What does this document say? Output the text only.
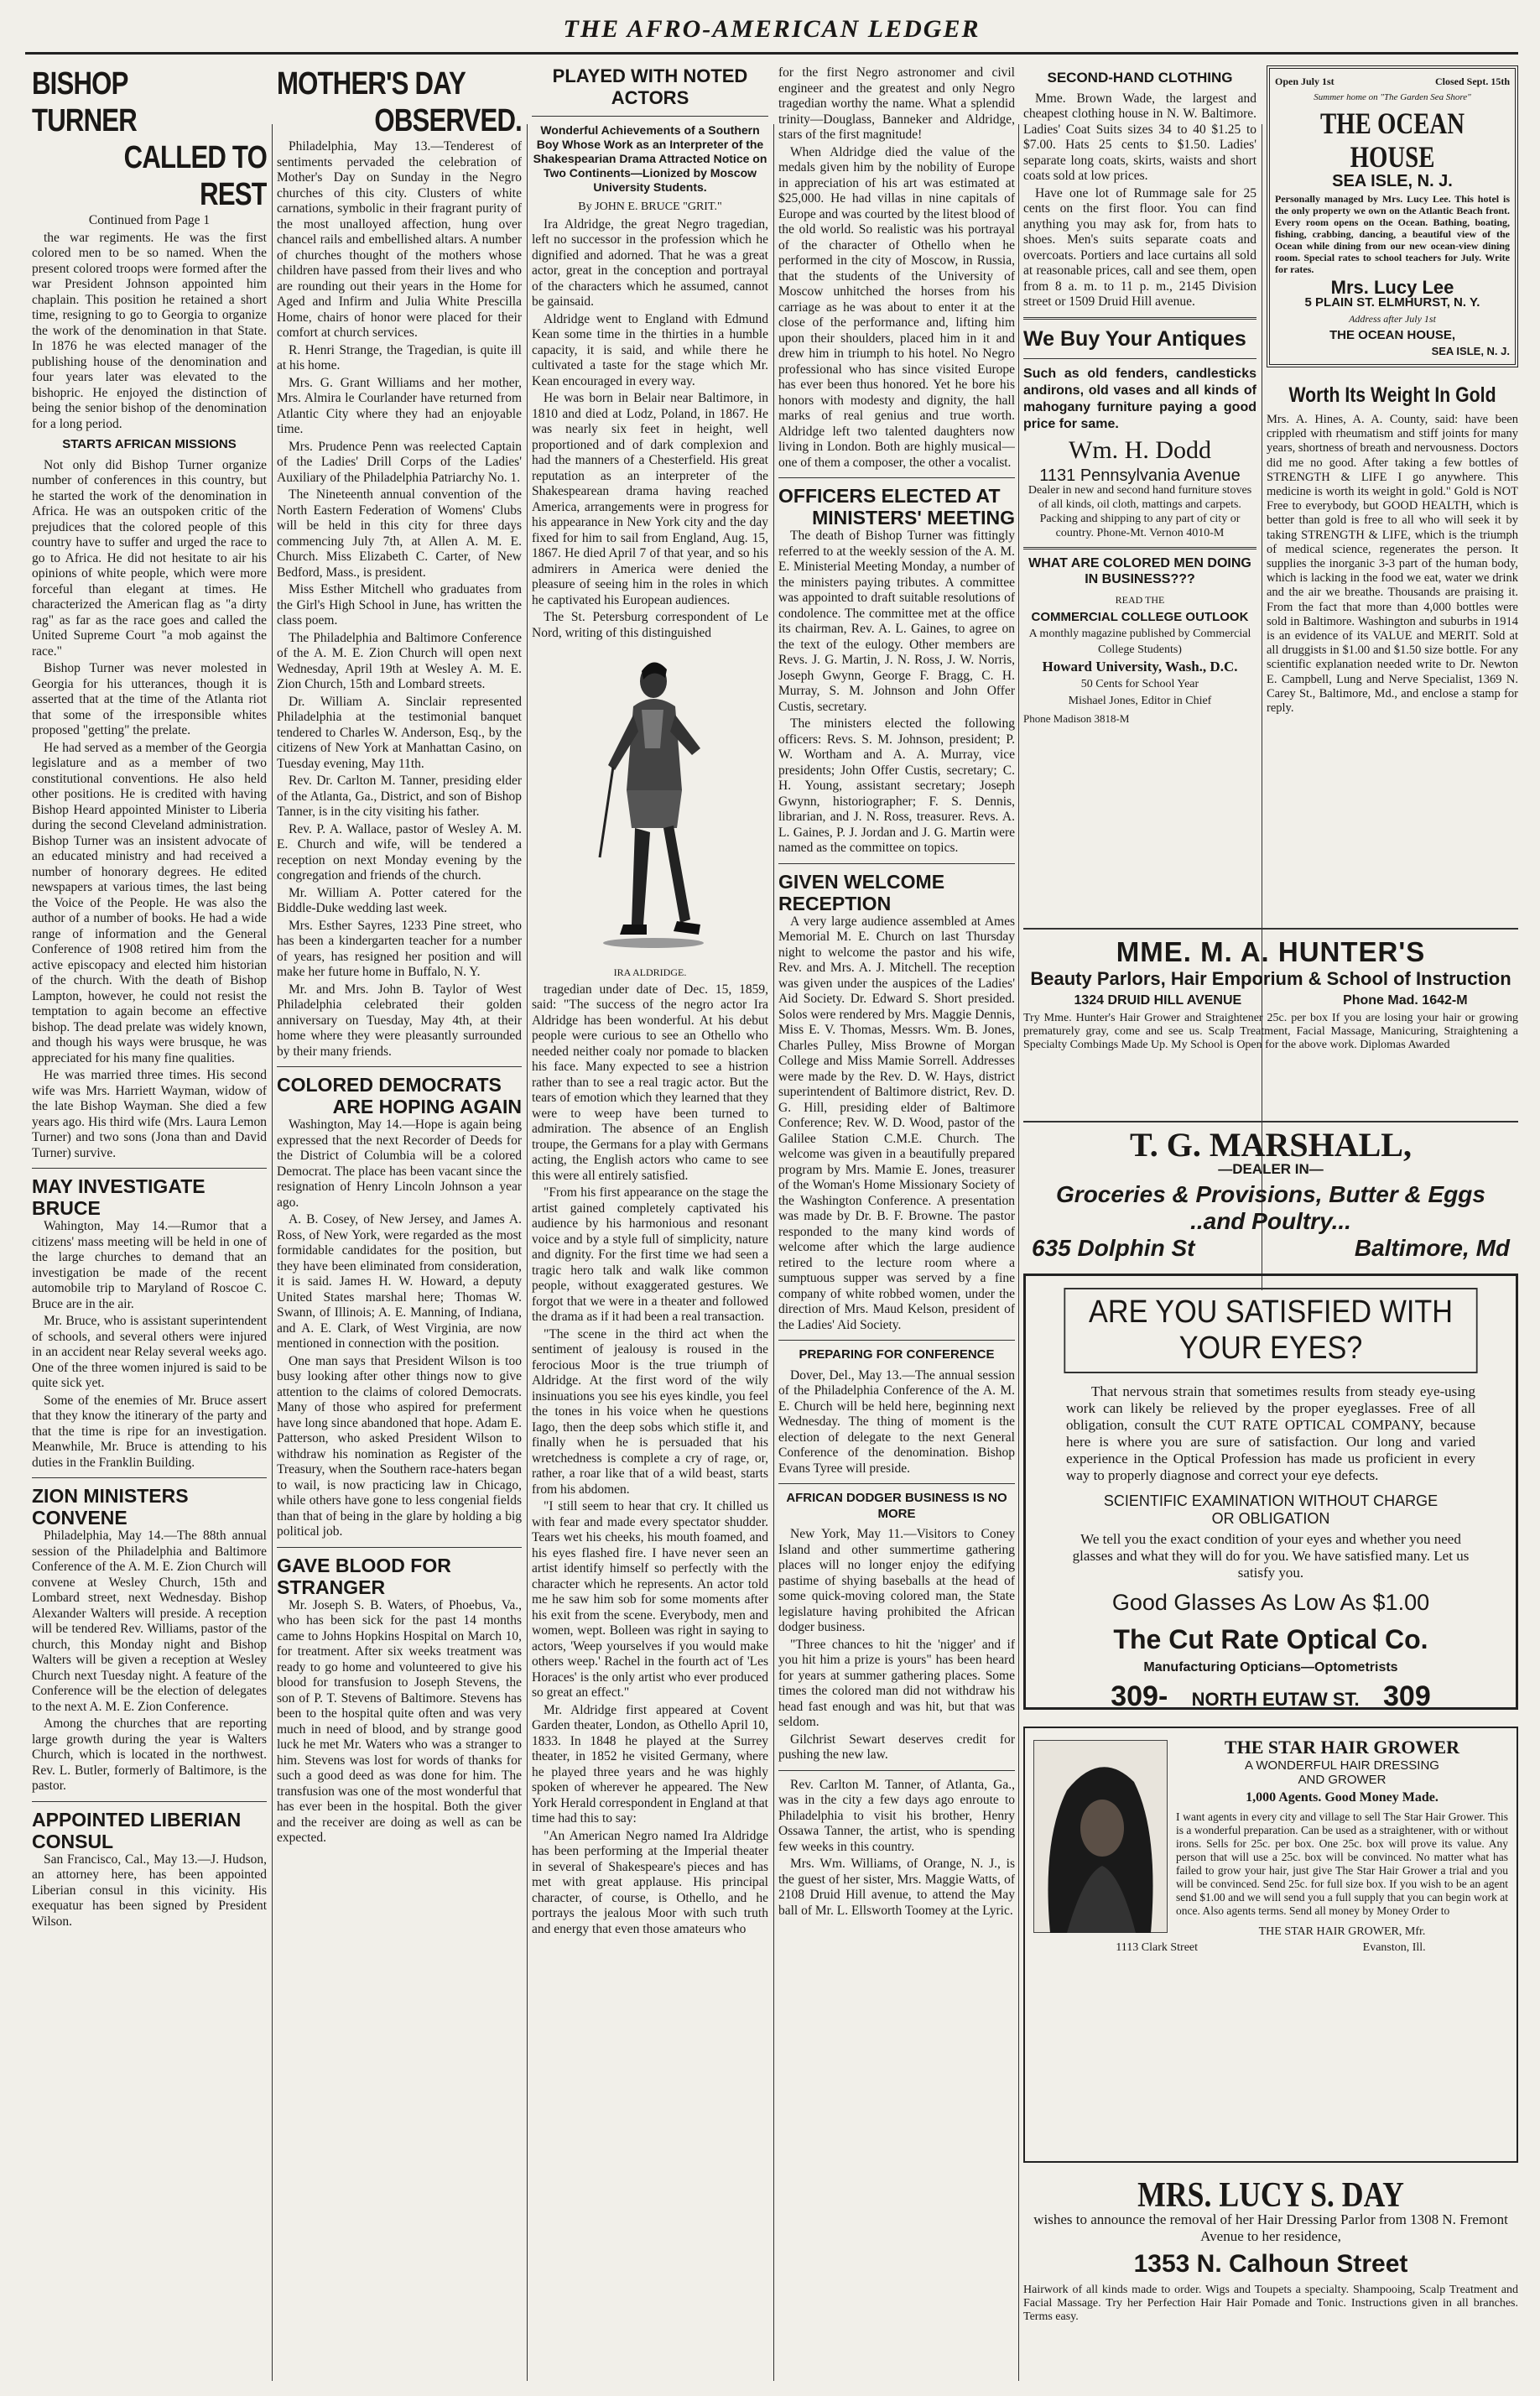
THE AFRO-AMERICAN LEDGER
BISHOP TURNER
CALLED TO REST

Continued from Page 1

the war regiments. He was the first colored men to be so named. When the present colored troops were formed after the war President Johnson appointed him chaplain. This position he retained a short time, resigning to go to Georgia to organize the work of the denomination in that State. In 1876 he was elected manager of the publishing house of the denomination and four years later was elevated to the bishopric. He enjoyed the distinction of being the senior bishop of the denomination for a long period.

STARTS AFRICAN MISSIONS

Not only did Bishop Turner organize number of conferences in this country, but he started the work of the denomination in Africa. He was an outspoken critic of the prejudices that the colored people of this country have to suffer and urged the race to go to Africa. He did not hesitate to air his opinions of white people, which were more forceful than elegant at times. He characterized the American flag as "a dirty rag" as far as the race goes and called the United Supreme Court "a mob against the race."

Bishop Turner was never molested in Georgia for his utterances, though it is asserted that at the time of the Atlanta riot that some of the irresponsible whites proposed "getting" the prelate.

He had served as a member of the Georgia legislature and as a member of two constitutional conventions. He also held other positions. He is credited with having Bishop Heard appointed Minister to Liberia during the second Cleveland administration. Bishop Turner was an insistent advocate of an educated ministry and had received a number of honorary degrees. He edited newspapers at various times, the last being the Voice of the People. He was also the author of a number of books. He had a wide range of information and the General Conference of 1908 retired him from the active episcopacy and elected him historian of the church. With the death of Bishop Lampton, however, he could not resist the temptation to again become an effective bishop. The dead prelate was widely known, and though his ways were brusque, he was appreciated for his many fine qualities.

He was married three times. His second wife was Mrs. Harriett Wayman, widow of the late Bishop Wayman. She died a few years ago. His third wife (Mrs. Laura Lemon Turner) and two sons (Jona than and David Turner) survive.

MAY INVESTIGATE BRUCE

Wahington, May 14.—Rumor that a citizens' mass meeting will be held in one of the large churches to demand that an investigation be made of the recent automobile trip to Maryland of Roscoe C. Bruce are in the air.

Mr. Bruce, who is assistant superintendent of schools, and several others were injured in an accident near Relay several weeks ago. One of the three women injured is said to be quite sick yet.

Some of the enemies of Mr. Bruce assert that they know the itinerary of the party and that the time is ripe for an investigation. Meanwhile, Mr. Bruce is attending to his duties in the Franklin Building.

ZION MINISTERS CONVENE

Philadelphia, May 14.—The 88th annual session of the Philadelphia and Baltimore Conference of the A. M. E. Zion Church will convene at Wesley Church, 15th and Lombard street, next Wednesday. Bishop Alexander Walters will preside. A reception will be tendered Rev. Williams, pastor of the church, this Monday night and Bishop Walters will be given a reception at Wesley Church next Tuesday night. A feature of the Conference will be the election of delegates to the next A. M. E. Zion Conference.

Among the churches that are reporting large growth during the year is Walters Church, which is located in the northwest. Rev. L. Butler, formerly of Baltimore, is the pastor.

APPOINTED LIBERIAN CONSUL

San Francisco, Cal., May 13.—J. Hudson, an attorney here, has been appointed Liberian consul in this vicinity. His exequatur has been signed by President Wilson.

MOTHER'S DAY
OBSERVED.

Philadelphia, May 13.—Tenderest of sentiments pervaded the celebration of Mother's Day on Sunday in the Negro churches of this city. Clusters of white carnations, symbolic in their fragrant purity of the most unalloyed affection, hung over chancel rails and embellished altars. A number of churches thought of the mothers whose children have passed from their lives and who are rounding out their years in the Home for Aged and Infirm and Julia White Prescilla Home, chairs of honor were placed for their comfort at church services.

R. Henri Strange, the Tragedian, is quite ill at his home.

Mrs. G. Grant Williams and her mother, Mrs. Almira le Courlander have returned from Atlantic City where they had an enjoyable time.

Mrs. Prudence Penn was reelected Captain of the Ladies' Drill Corps of the Ladies' Auxiliary of the Philadelphia Patriarchy No. 1.

The Nineteenth annual convention of the North Eastern Federation of Womens' Clubs will be held in this city for three days commencing July 7th, at Allen A. M. E. Church. Miss Elizabeth C. Carter, of New Bedford, Mass., is president.

Miss Esther Mitchell who graduates from the Girl's High School in June, has written the class poem.

The Philadelphia and Baltimore Conference of the A. M. E. Zion Church will open next Wednesday, April 19th at Wesley A. M. E. Zion Church, 15th and Lombard streets.

Dr. William A. Sinclair represented Philadelphia at the testimonial banquet tendered to Charles W. Anderson, Esq., by the citizens of New York at Manhattan Casino, on Tuesday evening, May 11th.

Rev. Dr. Carlton M. Tanner, presiding elder of the Atlanta, Ga., District, and son of Bishop Tanner, is in the city visiting his father.

Rev. P. A. Wallace, pastor of Wesley A. M. E. Church and wife, will be tendered a reception on next Monday evening by the congregation and friends of the church.

Mr. William A. Potter catered for the Biddle-Duke wedding last week.

Mrs. Esther Sayres, 1233 Pine street, who has been a kindergarten teacher for a number of years, has resigned her position and will make her future home in Buffalo, N. Y.

Mr. and Mrs. John B. Taylor of West Philadelphia celebrated their golden anniversary on Tuesday, May 4th, at their home where they were pleasantly surrounded by their many friends.

COLORED DEMOCRATS
ARE HOPING AGAIN

Washington, May 14.—Hope is again being expressed that the next Recorder of Deeds for the District of Columbia will be a colored Democrat. The place has been vacant since the resignation of Henry Lincoln Johnson a year ago.

A. B. Cosey, of New Jersey, and James A. Ross, of New York, were regarded as the most formidable candidates for the position, but they have been eliminated from consideration, it is said. James H. W. Howard, a deputy United States marshal here; Thomas W. Swann, of Illinois; A. E. Manning, of Indiana, and A. E. Clark, of West Virginia, are now mentioned in connection with the position.

One man says that President Wilson is too busy looking after other things now to give attention to the claims of colored Democrats. Many of those who aspired for preferment have long since abandoned that hope. Adam E. Patterson, who asked President Wilson to withdraw his nomination as Register of the Treasury, when the Southern race-haters began to wail, is now practicing law in Chicago, while others have gone to less congenial fields than that of being in the glare by holding a big political job.

GAVE BLOOD FOR STRANGER

Mr. Joseph S. B. Waters, of Phoebus, Va., who has been sick for the past 14 months came to Johns Hopkins Hospital on March 10, for treatment. After six weeks treatment was ready to go home and volunteered to give his blood for transfusion to Joseph Stevens, the son of P. T. Stevens of Baltimore. Stevens has been to the hospital quite often and was very much in need of blood, and by strange good luck he met Mr. Waters who was a stranger to him. Stevens was lost for words of thanks for such a good deed as was done for him. The transfusion was one of the most wonderful that has ever been in the hospital. Both the giver and the receiver are doing as well as can be expected.

PLAYED WITH NOTED ACTORS

Wonderful Achievements of a Southern Boy Whose Work as an Interpreter of the Shakespearian Drama Attracted Notice on Two Continents—Lionized by Moscow University Students.

By JOHN E. BRUCE "GRIT."

Ira Aldridge, the great Negro tragedian, left no successor in the profession which he dignified and adorned. That he was a great actor, great in the conception and portrayal of the characters which he assumed, cannot be gainsaid.

Aldridge went to England with Edmund Kean some time in the thirties in a humble capacity, it is said, and while there he cultivated a taste for the stage which Mr. Kean encouraged in every way.

He was born in Belair near Baltimore, in 1810 and died at Lodz, Poland, in 1867. He was nearly six feet in height, well proportioned and of dark complexion and had the manners of a Chesterfield. His great reputation as an interpreter of the Shakespearean drama having reached America, arrangements were in progress for his appearance in New York city and the day fixed for him to sail from England, Aug. 15, 1867. He died April 7 of that year, and so his admirers in America were denied the pleasure of seeing him in the roles in which he captivated his European audiences.

The St. Petersburg correspondent of Le Nord, writing of this distinguished

IRA ALDRIDGE.

tragedian under date of Dec. 15, 1859, said: "The success of the negro actor Ira Aldridge has been wonderful. At his debut people were curious to see an Othello who needed neither coaly nor pomade to blacken his face. Many expected to see a histrion rather than to see a real tragic actor. But the tears of emotion which they learned that they were to weep have been turned to admiration. The absence of an English troupe, the Germans for a play with Germans acting, the English actors who came to see this were all entirely satisfied.

"From his first appearance on the stage the artist gained completely captivated his audience by his harmonious and resonant voice and by a style full of simplicity, nature and dignity. For the first time we had seen a tragic hero talk and walk like common people, without exaggerated gestures. We forgot that we were in a theater and followed the drama as if it had been a real transaction.

"The scene in the third act when the sentiment of jealousy is roused in the ferocious Moor is the true triumph of Aldridge. At the first word of the wily insinuations you see his eyes kindle, you feel the tones in his voice when he questions Iago, then the deep sobs which stifle it, and finally when he is persuaded that his wretchedness is complete a cry of rage, or, rather, a roar like that of a wild beast, starts from his abdomen.

"I still seem to hear that cry. It chilled us with fear and made every spectator shudder. Tears wet his cheeks, his mouth foamed, and his eyes flashed fire. I have never seen an artist identify himself so perfectly with the character which he represents. An actor told me he saw him sob for some moments after his exit from the scene. Everybody, men and women, wept. Bolleen was right in saying to actors, 'Weep yourselves if you would make others weep.' Rachel in the fourth act of 'Les Horaces' is the only artist who ever produced so great an effect."

Mr. Aldridge first appeared at Covent Garden theater, London, as Othello April 10, 1833. In 1848 he played at the Surrey theater, in 1852 he visited Germany, where he played three years and he was highly spoken of wherever he appeared. The New York Herald correspondent in England at that time had this to say:

"An American Negro named Ira Aldridge has been performing at the Imperial theater in several of Shakespeare's pieces and has met with great applause. His principal character, of course, is Othello, and he portrays the jealous Moor with such truth and energy that even those amateurs who

for the first Negro astronomer and civil engineer and the greatest and only Negro tragedian worthy the name. What a splendid trinity—Douglass, Banneker and Aldridge, stars of the first magnitude!

When Aldridge died the value of the medals given him by the nobility of Europe in appreciation of his art was estimated at $25,000. He had villas in nine capitals of Europe and was courted by the litest blood of the old world. So realistic was his portrayal of the character of Othello when he performed in the city of Moscow, in Russia, that the students of the University of Moscow unhitched the horses from his carriage as he was about to enter it at the close of the performance and, lifting him upon their shoulders, placed him in it and drew him in triumph to his hotel. No Negro professional who has since visited Europe has ever been thus honored. Yet he bore his honors with modesty and dignity, the hall marks of real genius and true worth. Aldridge left two talented daughters now living in London. Both are highly musical—one of them a composer, the other a vocalist.

OFFICERS ELECTED AT
MINISTERS' MEETING

The death of Bishop Turner was fittingly referred to at the weekly session of the A. M. E. Ministerial Meeting Monday, a number of the ministers paying tributes. A committee was appointed to draft suitable resolutions of condolence. The committee met at the office its chairman, Rev. A. L. Gaines, to agree on the text of the eulogy. Other members are Revs. J. G. Martin, J. N. Ross, J. W. Norris, Joseph Gwynn, George F. Bragg, C. H. Murray, S. M. Johnson and John Offer Custis, secretary.

The ministers elected the following officers: Revs. S. M. Johnson, president; P. W. Wortham and A. A. Murray, vice presidents; John Offer Custis, secretary; C. H. Young, assistant secretary; Joseph Gwynn, historiographer; F. S. Dennis, librarian, and J. N. Ross, treasurer. Revs. A. L. Gaines, P. J. Jordan and J. G. Martin were named as the committee on topics.

GIVEN WELCOME RECEPTION

A very large audience assembled at Ames Memorial M. E. Church on last Thursday night to welcome the pastor and his wife, Rev. and Mrs. A. J. Mitchell. The reception was given under the auspices of the Ladies' Aid Society. Dr. Edward S. Short presided. Solos were rendered by Mrs. Maggie Dennis, Miss E. V. Thomas, Messrs. Wm. B. Jones, Charles Pulley, Miss Browne of Morgan College and Miss Mamie Sorrell. Addresses were made by the Rev. D. W. Hays, district superintendent of Baltimore district, Rev. D. G. Hill, presiding elder of Baltimore Conference; Rev. W. D. Wood, pastor of the Galilee Station C.M.E. Church. The welcome was given in a beautifully prepared program by Mrs. Mamie E. Jones, treasurer of the Woman's Home Missionary Society of the Washington Conference. A presentation was made by Dr. B. F. Browne. The pastor responded to the many kind words of welcome after which the large audience retired to the lecture room where a sumptuous supper was served by a fine company of white robbed women, under the direction of Mrs. Maud Kelson, president of the Ladies' Aid Society.

PREPARING FOR CONFERENCE

Dover, Del., May 13.—The annual session of the Philadelphia Conference of the A. M. E. Church will be held here, beginning next Wednesday. The thing of moment is the election of delegate to the next General Conference of the denomination. Bishop Evans Tyree will preside.

AFRICAN DODGER BUSINESS IS NO MORE

New York, May 11.—Visitors to Coney Island and other summertime gathering places will no longer enjoy the edifying pastime of shying baseballs at the head of some quick-moving colored man, the State legislature having prohibited the African dodger business.

"Three chances to hit the 'nigger' and if you hit him a prize is yours" has been heard for years at summer gathering places. Some times the colored man did not withdraw his head fast enough and was hit, but that was seldom.

Gilchrist Sewart deserves credit for pushing the new law.

Rev. Carlton M. Tanner, of Atlanta, Ga., was in the city a few days ago enroute to Philadelphia to visit his brother, Henry Ossawa Tanner, the artist, who is spending few weeks in this country.

Mrs. Wm. Williams, of Orange, N. J., is the guest of her sister, Mrs. Maggie Watts, of 2108 Druid Hill avenue, to attend the May ball of Mr. L. Ellsworth Toomey at the Lyric.

SECOND-HAND CLOTHING

Mme. Brown Wade, the largest and cheapest clothing house in N. W. Baltimore. Ladies' Coat Suits sizes 34 to 40 $1.25 to $7.00. Hats 25 cents to $1.50. Ladies' separate long coats, skirts, waists and short coats sold at low prices.

Have one lot of Rummage sale for 25 cents on the first floor. You can find anything you may ask for, from hats to shoes. Men's suits separate coats and overcoats. Portiers and lace curtains all sold at reasonable prices, call and see them, open from 8 a. m. to 11 p. m., 2145 Division street or 1509 Druid Hill avenue.

We Buy Your Antiques

Such as old fenders, candlesticks andirons, old vases and all kinds of mahogany furniture paying a good price for same.

Wm. H. Dodd
1131 Pennsylvania Avenue

Dealer in new and second hand furniture stoves of all kinds, oil cloth, mattings and carpets. Packing and shipping to any part of city or country. Phone-Mt. Vernon 4010-M

WHAT ARE COLORED MEN DOING IN BUSINESS???

READ THE

COMMERCIAL COLLEGE OUTLOOK

A monthly magazine published by Commercial College Students)

Howard University, Wash., D.C.

50 Cents for School Year

Mishael Jones, Editor in Chief

Phone Madison 3818-M

Open July 1st	Closed Sept. 15th

Summer home on "The Garden Sea Shore"

THE OCEAN HOUSE
SEA ISLE, N. J.

Personally managed by Mrs. Lucy Lee. This hotel is the only property we own on the Atlantic Beach front. Every room opens on the Ocean. Bathing, boating, fishing, crabbing, dancing, a beautiful view of the Ocean while dining from our new ocean-view dining room. Special rates to school teachers for July. Write for rates.

Mrs. Lucy Lee
5 PLAIN ST. ELMHURST, N. Y.

Address after July 1st

THE OCEAN HOUSE,
SEA ISLE, N. J.
Worth Its Weight In Gold

Mrs. A. Hines, A. A. County, said: have been crippled with rheumatism and stiff joints for many years, shortness of breath and nervousness. Doctors did me no good. After taking a few bottles of STRENGTH & LIFE I go anywhere. This medicine is worth its weight in gold." Gold is NOT Free to everybody, but GOOD HEALTH, which is better than gold is free to all who will seek it by taking STRENGTH & LIFE, which is the triumph of medical science, regenerates the person. It supplies the inorganic 3-3 part of the human body, which is lacking in the food we eat, water we drink and the air we breathe. Thousands are praising it. From the fact that more than 4,000 bottles were sold in Baltimore. Washington and suburbs in 1914 is an evidence of its VALUE and MERIT. Sold at all druggists in $1.00 and $1.50 size bottle. For any scientific explanation needed write to Dr. Newton E. Campbell, Lung and Nerve Specialist, 1369 N. Carey St., Baltimore, Md., and enclose a stamp for reply.

MME. M. A. HUNTER'S
Beauty Parlors, Hair Emporium & School of Instruction
1324 DRUID HILL AVENUE	Phone Mad. 1642-M

Try Mme. Hunter's Hair Grower and Straightener 25c. per box If you are losing your hair or growing prematurely gray, come and see us. Scalp Treatment, Facial Massage, Manicuring, Straightening a Specialty Combings Made Up. My School is Open for the above work. Diplomas Awarded

T. G. MARSHALL,
—DEALER IN—
Groceries & Provisions, Butter & Eggs
..and Poultry...
635 Dolphin St	Baltimore, Md
ARE YOU SATISFIED WITH YOUR EYES?

That nervous strain that sometimes results from steady eye-using work can likely be relieved by the proper eyeglasses. Free of all obligation, consult the CUT RATE OPTICAL COMPANY, because here is where you are sure of satisfaction. Our long and varied experience in the Optical Profession has made us proficient in every way to properly diagnose and correct your eye defects.

SCIENTIFIC EXAMINATION WITHOUT CHARGE OR OBLIGATION

We tell you the exact condition of your eyes and whether you need glasses and what they will do for you. We have satisfied many. Let us satisfy you.

Good Glasses As Low As $1.00
The Cut Rate Optical Co.
Manufacturing Opticians—Optometrists
309- NORTH EUTAW ST. 309

THE STAR HAIR GROWER
A WONDERFUL HAIR DRESSING
AND GROWER
1,000 Agents. Good Money Made.

I want agents in every city and village to sell The Star Hair Grower. This is a wonderful preparation. Can be used as a straightener, with or without irons. Sells for 25c. per box. One 25c. box will prove its value. Any person that will use a 25c. box will be convinced. No matter what has failed to grow your hair, just give The Star Hair Grower a trial and you will be convinced. Send 25c. for full size box. If you wish to be an agent send $1.00 and we will send you a full supply that you can begin work at once. Also agents terms. Send all money by Money Order to

THE STAR HAIR GROWER, Mfr.

1113 Clark Street	Evanston, Ill.
MRS. LUCY S. DAY

wishes to announce the removal of her Hair Dressing Parlor from 1308 N. Fremont Avenue to her residence,

1353 N. Calhoun Street

Hairwork of all kinds made to order. Wigs and Toupets a specialty. Shampooing, Scalp Treatment and Facial Massage. Try her Perfection Hair Hair Pomade and Tonic. Instructions given in all branches. Terms easy.
